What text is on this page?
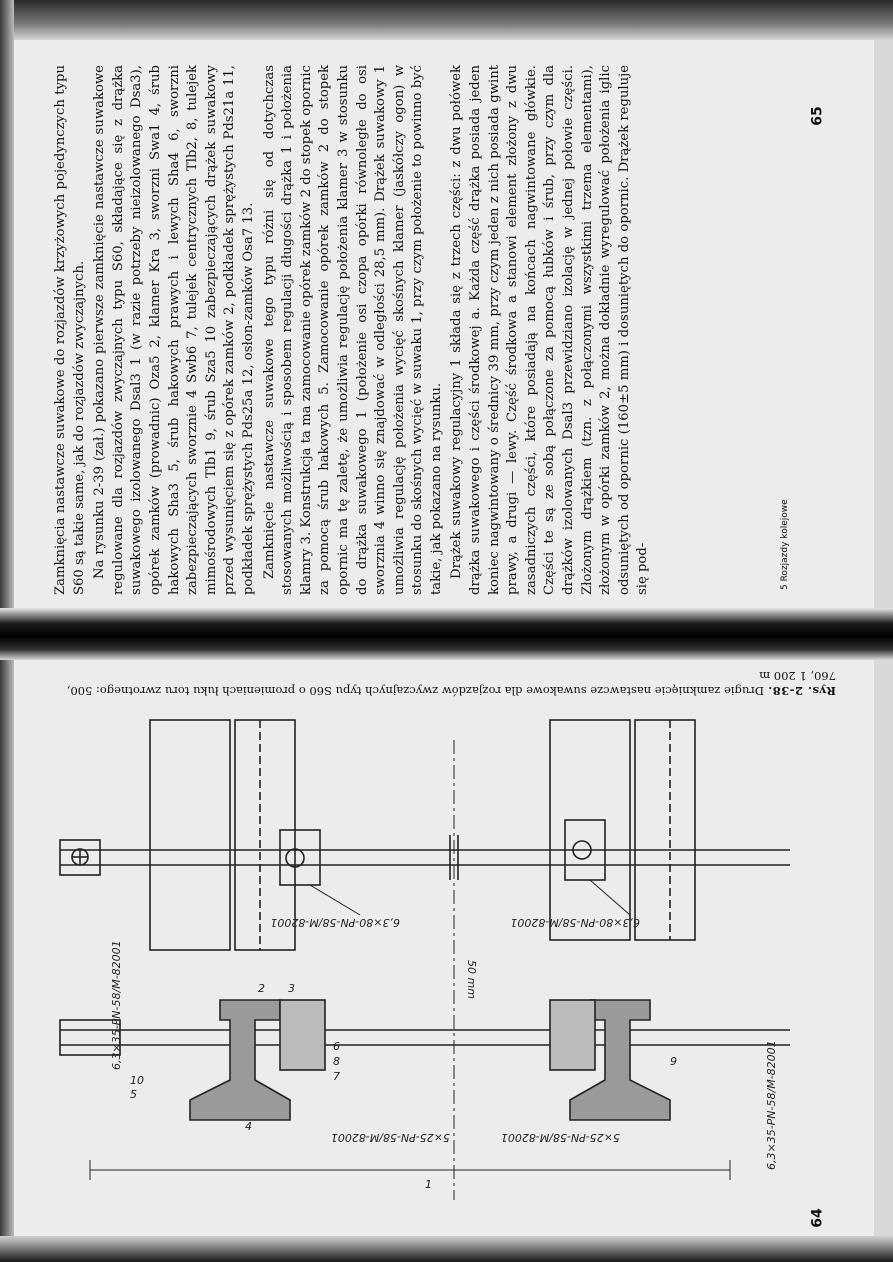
Zamknięcia nastawcze suwakowe do rozjazdów krzyżowych pojedynczych typu S60 są takie same, jak do rozjazdów zwyczajnych. Na rysunku 2-39 (zał.) pokazano pierwsze zamknięcie nastawcze suwakowe regulowane dla rozjazdów zwyczajnych typu S60, składające się z drążka suwakowego izolowanego Dsal3 1 (w razie potrzeby nieizolowanego Dsa3), opórek zamków (prowadnic) Oza5 2, klamer Kra 3, sworzni Swa1 4, śrub hakowych Sha3 5, śrub hakowych prawych i lewych Sha4 6, sworzni zabezpieczających sworznie 4 Swb6 7, tulejek centrycznych Tlb2, 8, tulejek mimośrodowych Tlb1 9, śrub Sza5 10 zabezpieczających drążek suwakowy przed wysunięciem się z opórek zamków 2, podkładek sprężystych Pds21a 11, podkładek sprężystych Pds25a 12, osłon-zamków Osa7 13. Zamknięcie nastawcze suwakowe tego typu różni się od dotychczas stosowanych możliwością i sposobem regulacji długości drążka 1 i położenia klamry 3. Konstrukcja ta ma zamocowanie opórek zamków 2 do stopek opornic za pomocą śrub hakowych 5. Zamocowanie opórek zamków 2 do stopek opornic ma tę zaletę, że umożliwia regulację położenia klamer 3 w stosunku do drążka suwakowego 1 (położenie osi czopa opórki równoległe do osi sworznia 4 winno się znajdować w odległości 28,5 mm). Drążek suwakowy 1 umożliwia regulację położenia wycięć skośnych klamer (jaskółczy ogon) w stosunku do skośnych wycięć w suwaku 1, przy czym położenie to powinno być takie, jak pokazano na rysunku. Drążek suwakowy regulacyjny 1 składa się z trzech części: z dwu połówek drążka suwakowego i części środkowej a. Każda część drążka posiada jeden koniec nagwintowany o średnicy 39 mm, przy czym jeden z nich posiada gwint prawy, a drugi — lewy. Część środkowa a stanowi element złożony z dwu zasadniczych części, które posiadają na końcach nagwintowane główkie. Części te są ze sobą połączone za pomocą łubków i śrub, przy czym dla drążków izolowanych Dsal3 przewidziano izolację w jednej połowie części. Złożonym drążkiem (tzn. z połączonymi wszystkimi trzema elementami), złożonym w opórki zamków 2, można dokładnie wyregulować położenia iglic odsuniętych od opornic (160±5 mm) i dosuniętych do opornic. Drążek reguluje się pod-

65
5 Rozjazdy kolejowe
Rys. 2-38. Drugie zamknięcie nastawcze suwakowe dla rozjazdów zwyczajnych typu S60 o promieniach łuku toru zwrotnego: 500, 760, 1 200 m
64
6,3×80-PN-58/M-82001	6,3×80-PN-58/M-82001
6,3×35-PN-58/M-82001
6,3×35-PN-58/M-82001
5×25-PN-58/M-82001	5×25-PN-58/M-82001
50 mm
1
2 3
4
5
6
7
8	9
10
